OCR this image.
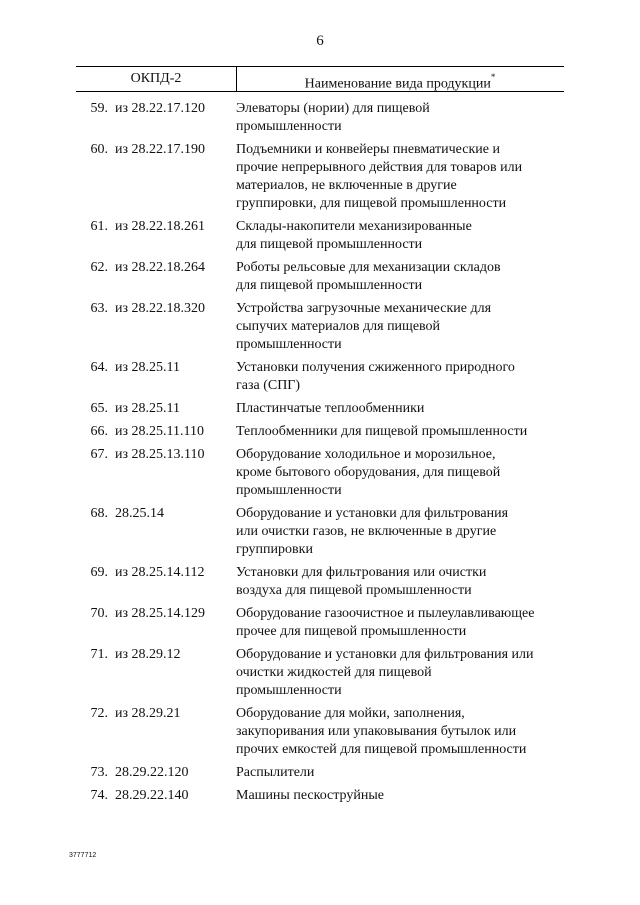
6
ОКПД-2	Наименование вида продукции*
59. из 28.22.17.120	Элеваторы (нории) для пищевой
промышленности
60. из 28.22.17.190	Подъемники и конвейеры пневматические и
прочие непрерывного действия для товаров или
материалов, не включенные в другие
группировки, для пищевой промышленности
61. из 28.22.18.261	Склады-накопители механизированные
для пищевой промышленности
62. из 28.22.18.264	Роботы рельсовые для механизации складов
для пищевой промышленности
63. из 28.22.18.320	Устройства загрузочные механические для
сыпучих материалов для пищевой
промышленности
64. из 28.25.11	Установки получения сжиженного природного
газа (СПГ)
65. из 28.25.11	Пластинчатые теплообменники
66. из 28.25.11.110	Теплообменники для пищевой промышленности
67. из 28.25.13.110	Оборудование холодильное и морозильное,
кроме бытового оборудования, для пищевой
промышленности
68. 28.25.14	Оборудование и установки для фильтрования
или очистки газов, не включенные в другие
группировки
69. из 28.25.14.112	Установки для фильтрования или очистки
воздуха для пищевой промышленности
70. из 28.25.14.129	Оборудование газоочистное и пылеулавливающее
прочее для пищевой промышленности
71. из 28.29.12	Оборудование и установки для фильтрования или
очистки жидкостей для пищевой
промышленности
72. из 28.29.21	Оборудование для мойки, заполнения,
закупоривания или упаковывания бутылок или
прочих емкостей для пищевой промышленности
73. 28.29.22.120	Распылители
74. 28.29.22.140	Машины пескоструйные
3777712
